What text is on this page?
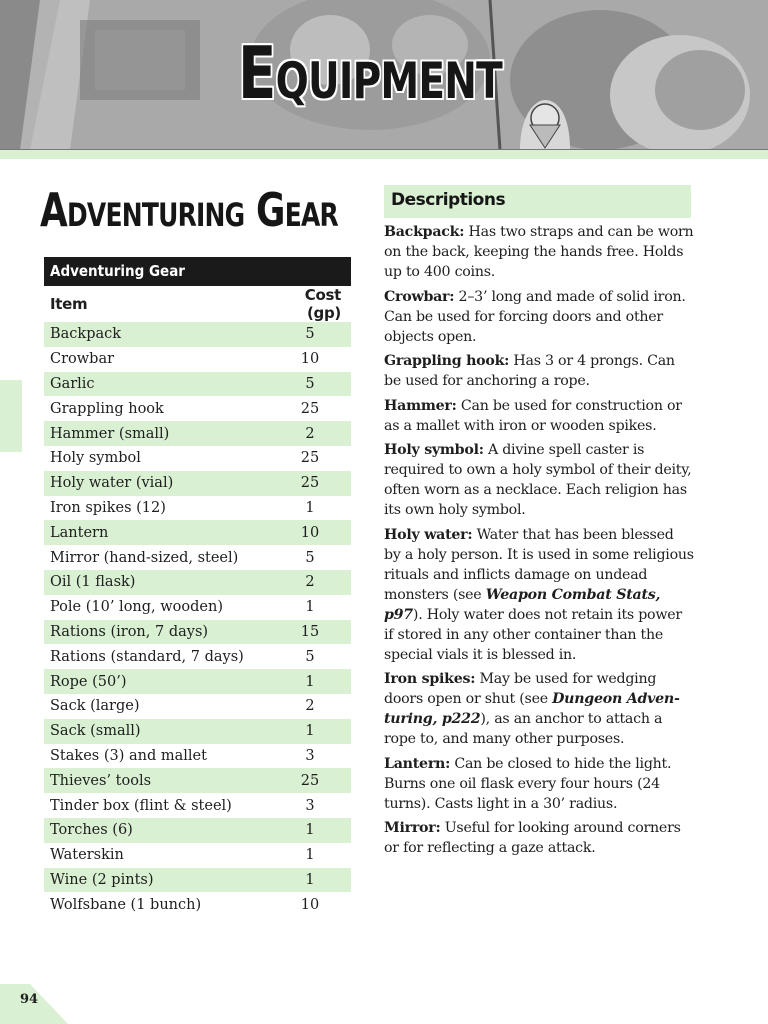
Equipment
Adventuring Gear
Adventuring Gear	
Item	Cost (gp)
Backpack	5
Crowbar	10
Garlic	5
Grappling hook	25
Hammer (small)	2
Holy symbol	25
Holy water (vial)	25
Iron spikes (12)	1
Lantern	10
Mirror (hand-sized, steel)	5
Oil (1 flask)	2
Pole (10’ long, wooden)	1
Rations (iron, 7 days)	15
Rations (standard, 7 days)	5
Rope (50’)	1
Sack (large)	2
Sack (small)	1
Stakes (3) and mallet	3
Thieves’ tools	25
Tinder box (flint & steel)	3
Torches (6)	1
Waterskin	1
Wine (2 pints)	1
Wolfsbane (1 bunch)	10
Descriptions

Backpack: Has two straps and can be worn on the back, keeping the hands free. Holds up to 400 coins.

Crowbar: 2–3’ long and made of solid iron. Can be used for forcing doors and other objects open.

Grappling hook: Has 3 or 4 prongs. Can be used for anchoring a rope.

Hammer: Can be used for construction or as a mallet with iron or wooden spikes.

Holy symbol: A divine spell caster is required to own a holy symbol of their deity, often worn as a necklace. Each religion has its own holy symbol.

Holy water: Water that has been blessed by a holy person. It is used in some religious rituals and inflicts damage on undead monsters (see Weapon Combat Stats, p97). Holy water does not retain its power if stored in any other container than the special vials it is blessed in.

Iron spikes: May be used for wedging doors open or shut (see Dungeon Adventuring, p222), as an anchor to attach a rope to, and many other purposes.

Lantern: Can be closed to hide the light. Burns one oil flask every four hours (24 turns). Casts light in a 30’ radius.

Mirror: Useful for looking around corners or for reflecting a gaze attack.

94
